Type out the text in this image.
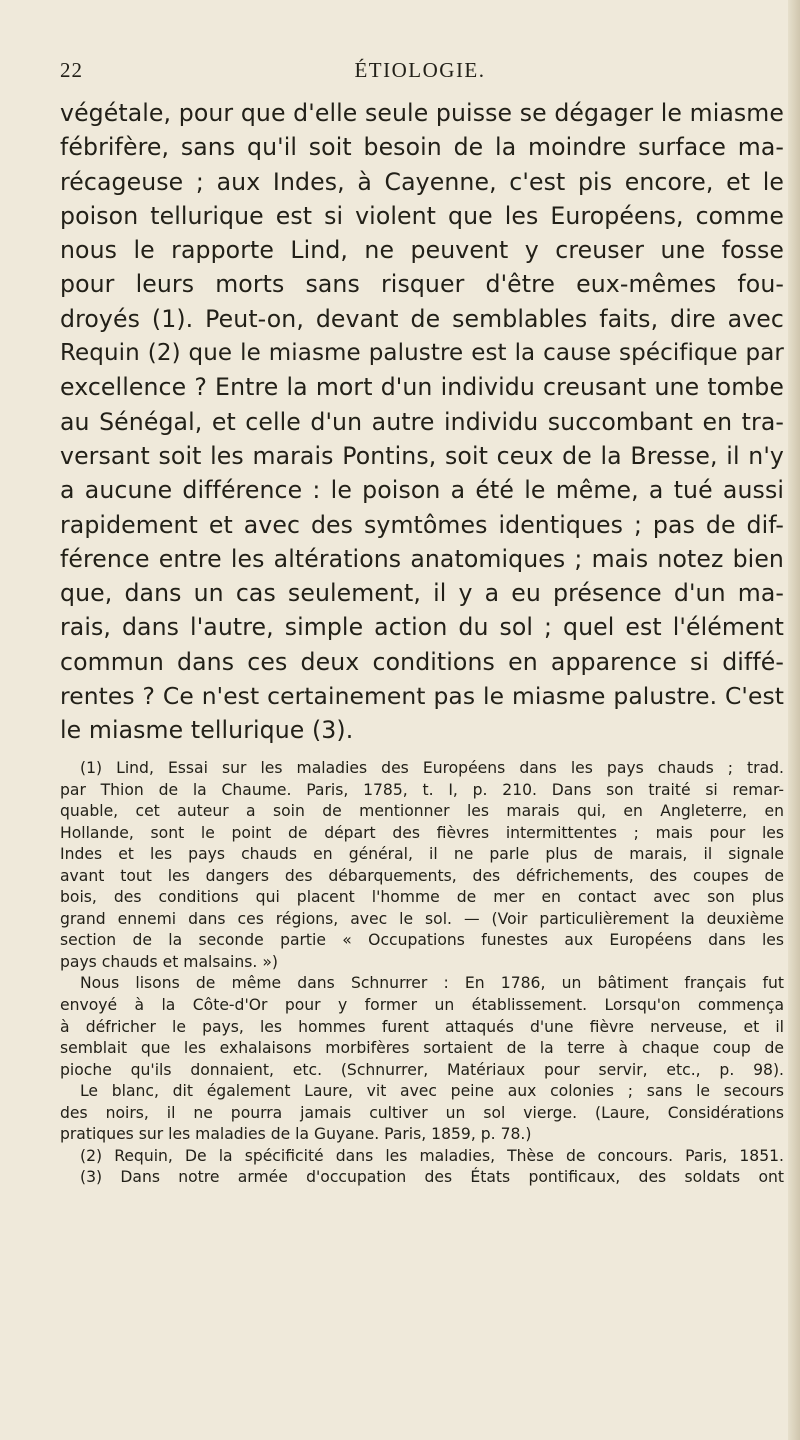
22	ÉTIOLOGIE.

végétale, pour que d'elle seule puisse se dégager le miasme
fébrifère, sans qu'il soit besoin de la moindre surface ma-
récageuse ; aux Indes, à Cayenne, c'est pis encore, et le
poison tellurique est si violent que les Européens, comme
nous le rapporte Lind, ne peuvent y creuser une fosse
pour leurs morts sans risquer d'être eux-mêmes fou-
droyés (1). Peut-on, devant de semblables faits, dire avec
Requin (2) que le miasme palustre est la cause spécifique par
excellence ? Entre la mort d'un individu creusant une tombe
au Sénégal, et celle d'un autre individu succombant en tra-
versant soit les marais Pontins, soit ceux de la Bresse, il n'y
a aucune différence : le poison a été le même, a tué aussi
rapidement et avec des symtômes identiques ; pas de dif-
férence entre les altérations anatomiques ; mais notez bien
que, dans un cas seulement, il y a eu présence d'un ma-
rais, dans l'autre, simple action du sol ; quel est l'élément
commun dans ces deux conditions en apparence si diffé-
rentes ? Ce n'est certainement pas le miasme palustre. C'est
le miasme tellurique (3).

(1) Lind, Essai sur les maladies des Européens dans les pays chauds ; trad.
par Thion de la Chaume. Paris, 1785, t. I, p. 210. Dans son traité si remar-
quable, cet auteur a soin de mentionner les marais qui, en Angleterre, en
Hollande, sont le point de départ des fièvres intermittentes ; mais pour les
Indes et les pays chauds en général, il ne parle plus de marais, il signale
avant tout les dangers des débarquements, des défrichements, des coupes de
bois, des conditions qui placent l'homme de mer en contact avec son plus
grand ennemi dans ces régions, avec le sol. — (Voir particulièrement la deuxième
section de la seconde partie « Occupations funestes aux Européens dans les
pays chauds et malsains. »)
Nous lisons de même dans Schnurrer : En 1786, un bâtiment français fut
envoyé à la Côte-d'Or pour y former un établissement. Lorsqu'on commença
à défricher le pays, les hommes furent attaqués d'une fièvre nerveuse, et il
semblait que les exhalaisons morbifères sortaient de la terre à chaque coup de
pioche qu'ils donnaient, etc. (Schnurrer, Matériaux pour servir, etc., p. 98).
Le blanc, dit également Laure, vit avec peine aux colonies ; sans le secours
des noirs, il ne pourra jamais cultiver un sol vierge. (Laure, Considérations
pratiques sur les maladies de la Guyane. Paris, 1859, p. 78.)
(2) Requin, De la spécificité dans les maladies, Thèse de concours. Paris, 1851.
(3) Dans notre armée d'occupation des États pontificaux, des soldats ont
